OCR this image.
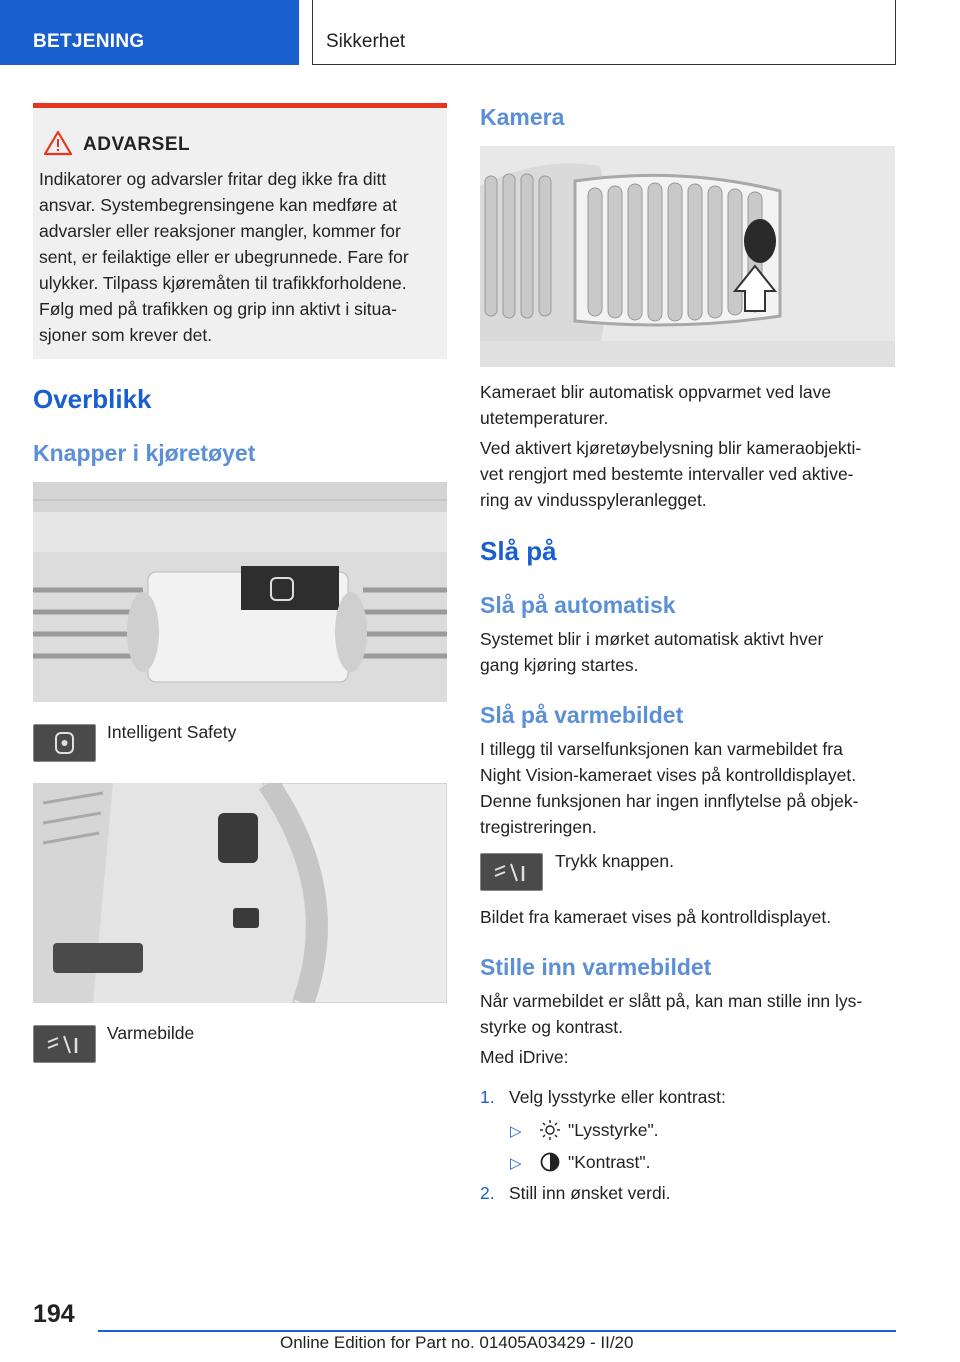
BETJENING	Sikkerhet
ADVARSEL
Indikatorer og advarsler fritar deg ikke fra ditt
ansvar. Systembegrensingene kan medføre at
advarsler eller reaksjoner mangler, kommer for
sent, er feilaktige eller er ubegrunnede. Fare for
ulykker. Tilpass kjøremåten til trafikkforholdene.
Følg med på trafikken og grip inn aktivt i situa-
sjoner som krever det.
Overblikk
Knapper i kjøretøyet
Intelligent Safety
Varmebilde
Kamera
Kameraet blir automatisk oppvarmet ved lave
utetemperaturer.
Ved aktivert kjøretøybelysning blir kameraobjekti-
vet rengjort med bestemte intervaller ved aktive-
ring av vindusspyleranlegget.
Slå på
Slå på automatisk
Systemet blir i mørket automatisk aktivt hver
gang kjøring startes.
Slå på varmebildet
I tillegg til varselfunksjonen kan varmebildet fra
Night Vision-kameraet vises på kontrolldisplayet.
Denne funksjonen har ingen innflytelse på objek-
tregistreringen.
Trykk knappen.
Bildet fra kameraet vises på kontrolldisplayet.
Stille inn varmebildet
Når varmebildet er slått på, kan man stille inn lys-
styrke og kontrast.
Med iDrive:
1. Velg lysstyrke eller kontrast:
▷	"Lysstyrke".
▷	"Kontrast".
2. Still inn ønsket verdi.
194
Online Edition for Part no. 01405A03429 - II/20
